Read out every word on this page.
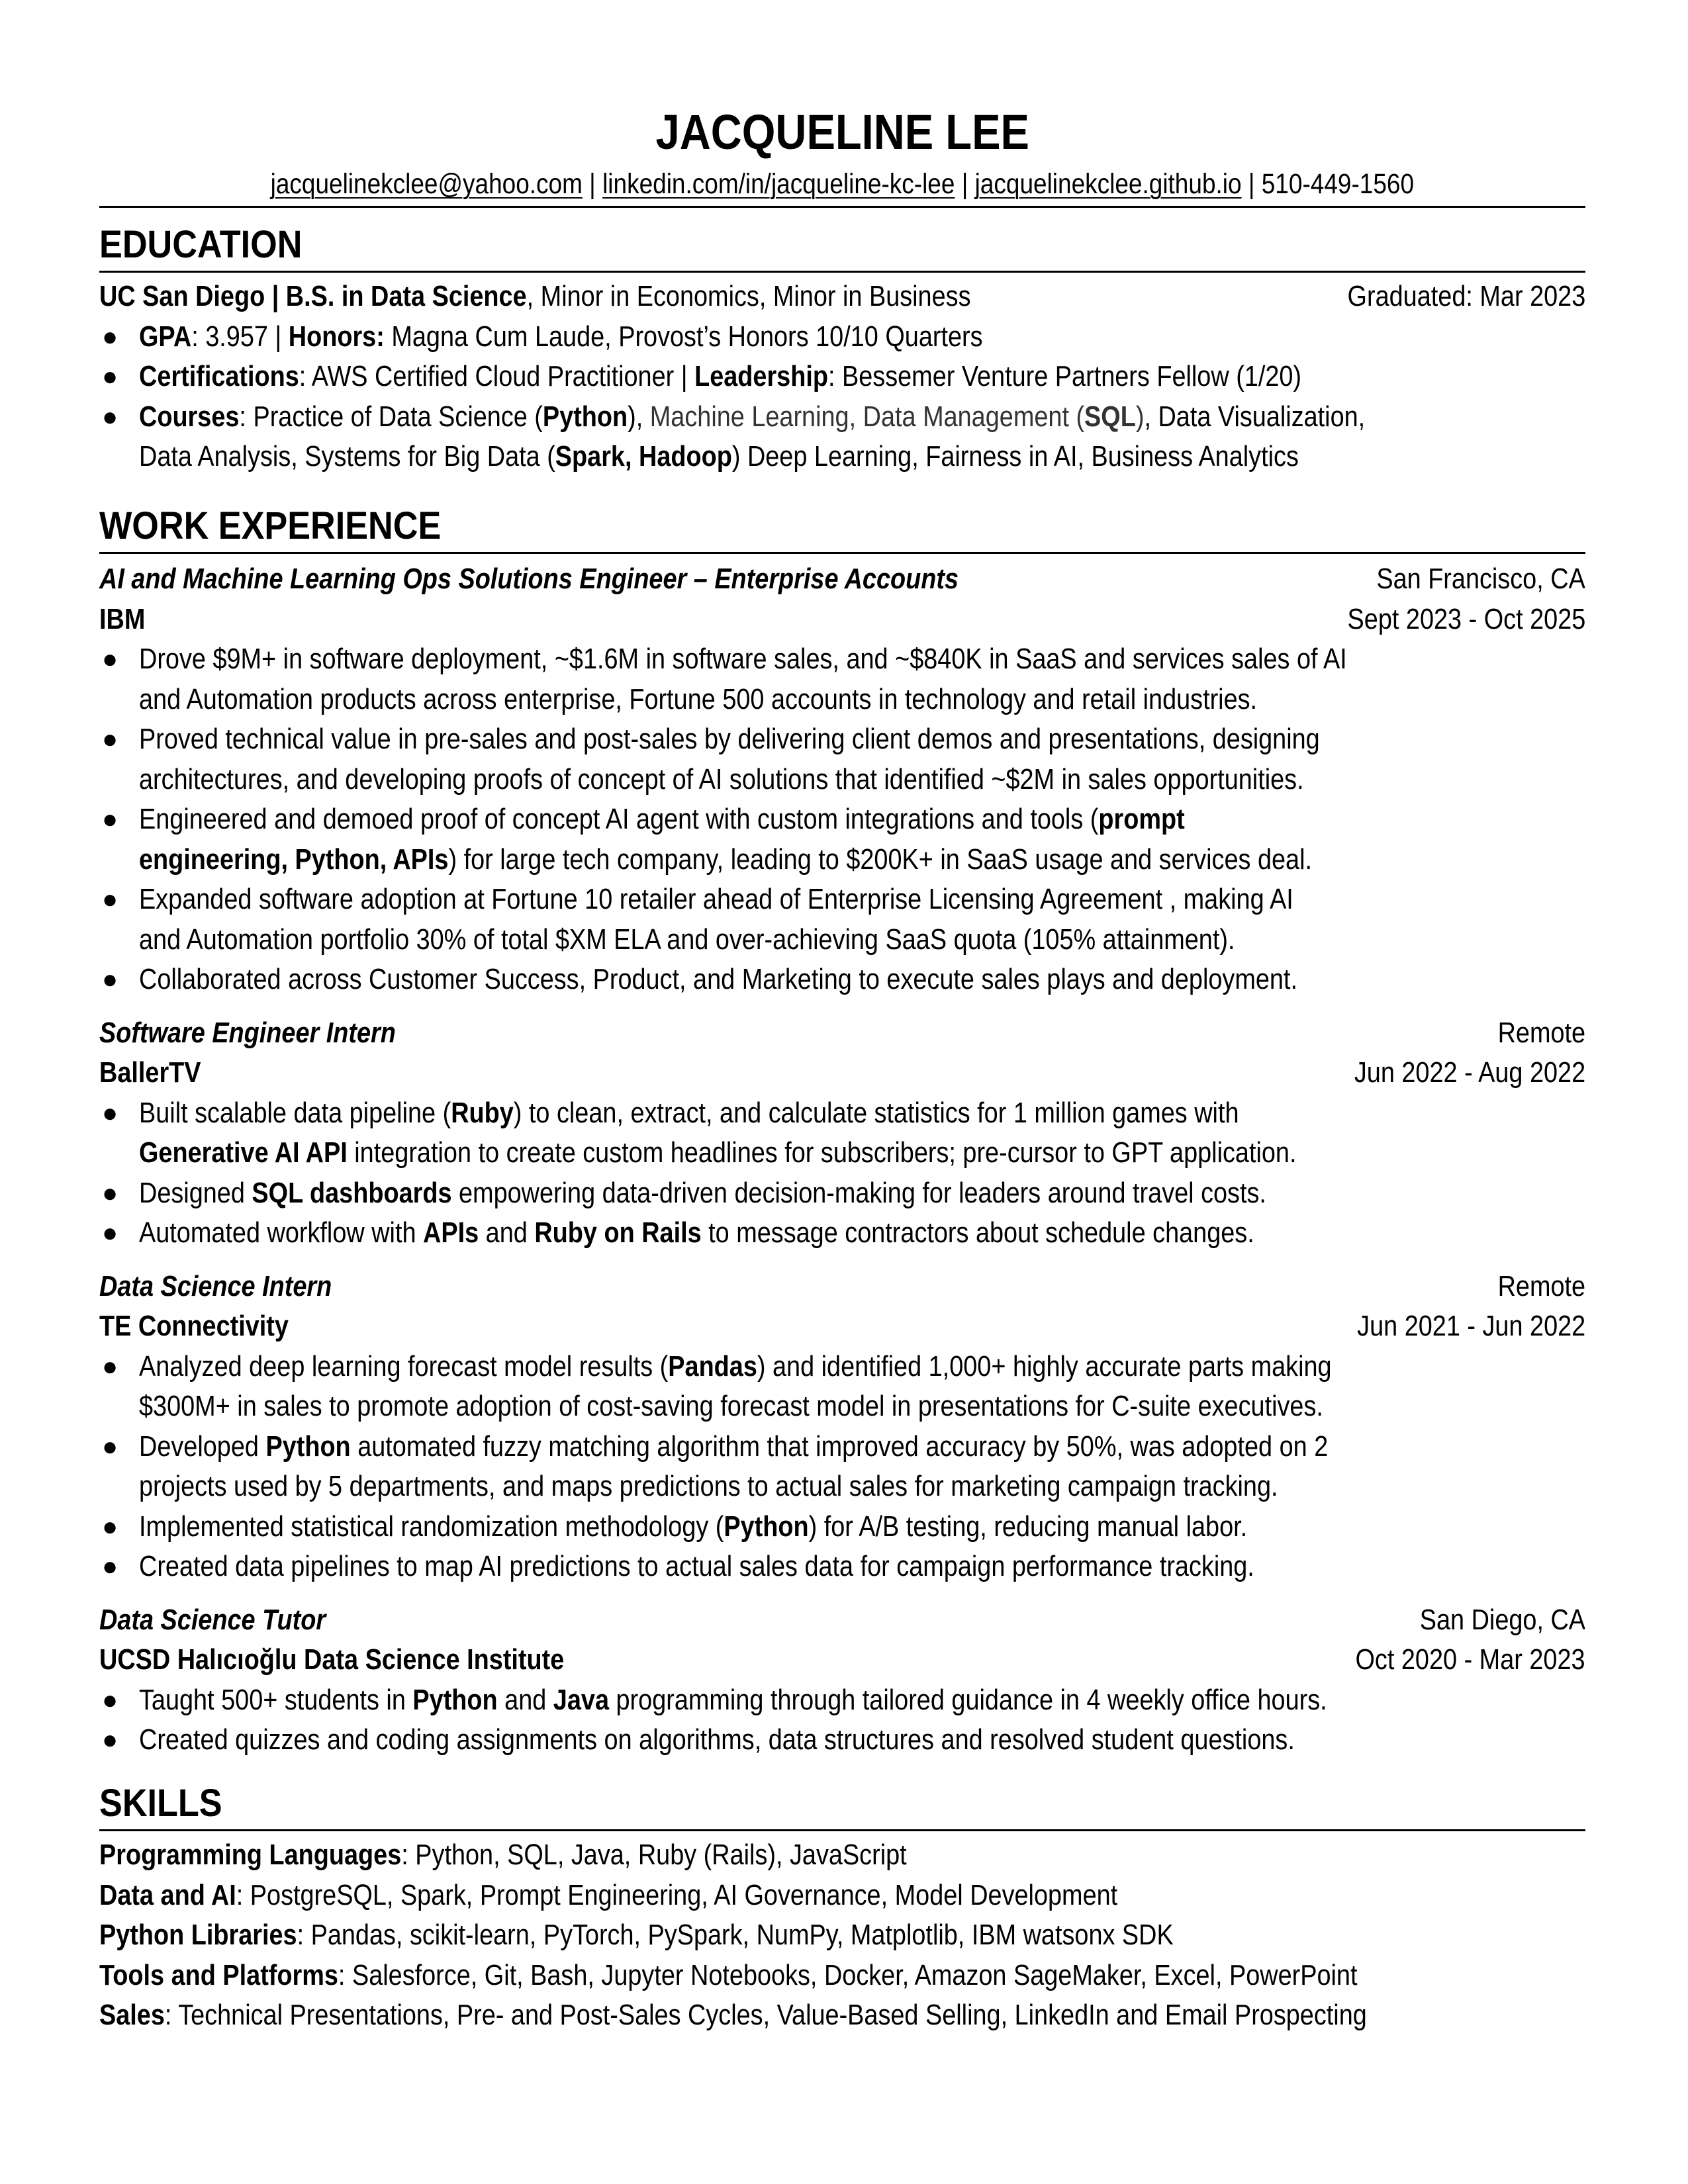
JACQUELINE LEE
jacquelinekclee@yahoo.com | linkedin.com/in/jacqueline-kc-lee | jacquelinekclee.github.io | 510-449-1560
EDUCATION
UC San Diego | B.S. in Data Science, Minor in Economics, Minor in Business	Graduated: Mar 2023
● GPA: 3.957 | Honors: Magna Cum Laude, Provost’s Honors 10/10 Quarters
● Certifications: AWS Certified Cloud Practitioner | Leadership: Bessemer Venture Partners Fellow (1/20)
● Courses: Practice of Data Science (Python), Machine Learning, Data Management (SQL), Data Visualization,
Data Analysis, Systems for Big Data (Spark, Hadoop) Deep Learning, Fairness in AI, Business Analytics
WORK EXPERIENCE
AI and Machine Learning Ops Solutions Engineer – Enterprise Accounts	San Francisco, CA
IBM	Sept 2023 - Oct 2025
● Drove $9M+ in software deployment, ~$1.6M in software sales, and ~$840K in SaaS and services sales of AI
and Automation products across enterprise, Fortune 500 accounts in technology and retail industries.
● Proved technical value in pre-sales and post-sales by delivering client demos and presentations, designing
architectures, and developing proofs of concept of AI solutions that identified ~$2M in sales opportunities.
● Engineered and demoed proof of concept AI agent with custom integrations and tools (prompt
engineering, Python, APIs) for large tech company, leading to $200K+ in SaaS usage and services deal.
● Expanded software adoption at Fortune 10 retailer ahead of Enterprise Licensing Agreement , making AI
and Automation portfolio 30% of total $XM ELA and over-achieving SaaS quota (105% attainment).
● Collaborated across Customer Success, Product, and Marketing to execute sales plays and deployment.
Software Engineer Intern	Remote
BallerTV	Jun 2022 - Aug 2022
● Built scalable data pipeline (Ruby) to clean, extract, and calculate statistics for 1 million games with
Generative AI API integration to create custom headlines for subscribers; pre-cursor to GPT application.
● Designed SQL dashboards empowering data-driven decision-making for leaders around travel costs.
● Automated workflow with APIs and Ruby on Rails to message contractors about schedule changes.
Data Science Intern	Remote
TE Connectivity	Jun 2021 - Jun 2022
● Analyzed deep learning forecast model results (Pandas) and identified 1,000+ highly accurate parts making
$300M+ in sales to promote adoption of cost-saving forecast model in presentations for C-suite executives.
● Developed Python automated fuzzy matching algorithm that improved accuracy by 50%, was adopted on 2
projects used by 5 departments, and maps predictions to actual sales for marketing campaign tracking.
● Implemented statistical randomization methodology (Python) for A/B testing, reducing manual labor.
● Created data pipelines to map AI predictions to actual sales data for campaign performance tracking.
Data Science Tutor	San Diego, CA
UCSD Halıcıoğlu Data Science Institute	Oct 2020 - Mar 2023
● Taught 500+ students in Python and Java programming through tailored guidance in 4 weekly office hours.
● Created quizzes and coding assignments on algorithms, data structures and resolved student questions.
SKILLS
Programming Languages: Python, SQL, Java, Ruby (Rails), JavaScript
Data and AI: PostgreSQL, Spark, Prompt Engineering, AI Governance, Model Development
Python Libraries: Pandas, scikit-learn, PyTorch, PySpark, NumPy, Matplotlib, IBM watsonx SDK
Tools and Platforms: Salesforce, Git, Bash, Jupyter Notebooks, Docker, Amazon SageMaker, Excel, PowerPoint
Sales: Technical Presentations, Pre- and Post-Sales Cycles, Value-Based Selling, LinkedIn and Email Prospecting
